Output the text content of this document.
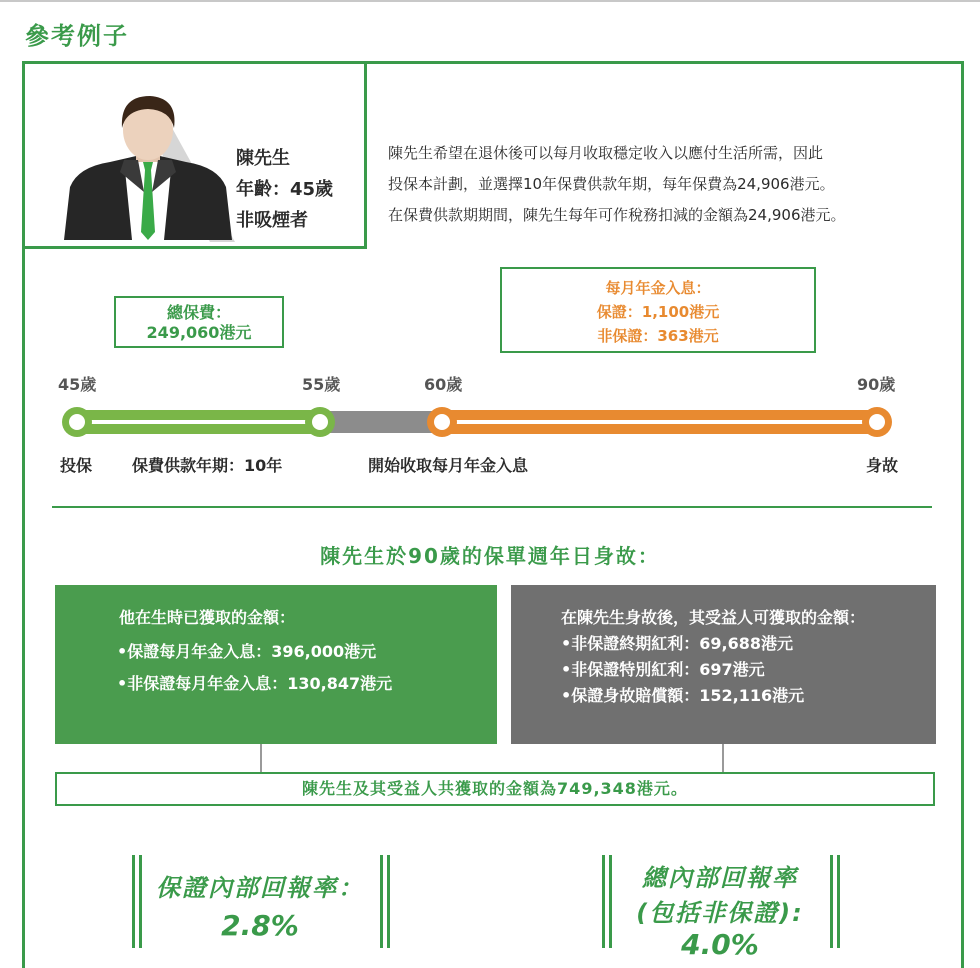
參考例子
陳先生
年齡：45歲
非吸煙者
陳先生希望在退休後可以每月收取穩定收入以應付生活所需，因此
投保本計劃，並選擇10年保費供款年期，每年保費為24,906港元。
在保費供款期期間，陳先生每年可作稅務扣減的金額為24,906港元。
總保費：
249,060港元
每月年金入息：
保證：1,100港元
非保證：363港元
45歲	55歲	60歲	90歲
投保 保費供款年期：10年	開始收取每月年金入息	身故
陳先生於90歲的保單週年日身故：
他在生時已獲取的金額：
•保證每月年金入息：396,000港元
•非保證每月年金入息：130,847港元
在陳先生身故後，其受益人可獲取的金額：
•非保證終期紅利：69,688港元
•非保證特別紅利：697港元
•保證身故賠償額：152,116港元
陳先生及其受益人共獲取的金額為749,348港元。
保證內部回報率：
2.8%
總內部回報率
(包括非保證):
4.0%
